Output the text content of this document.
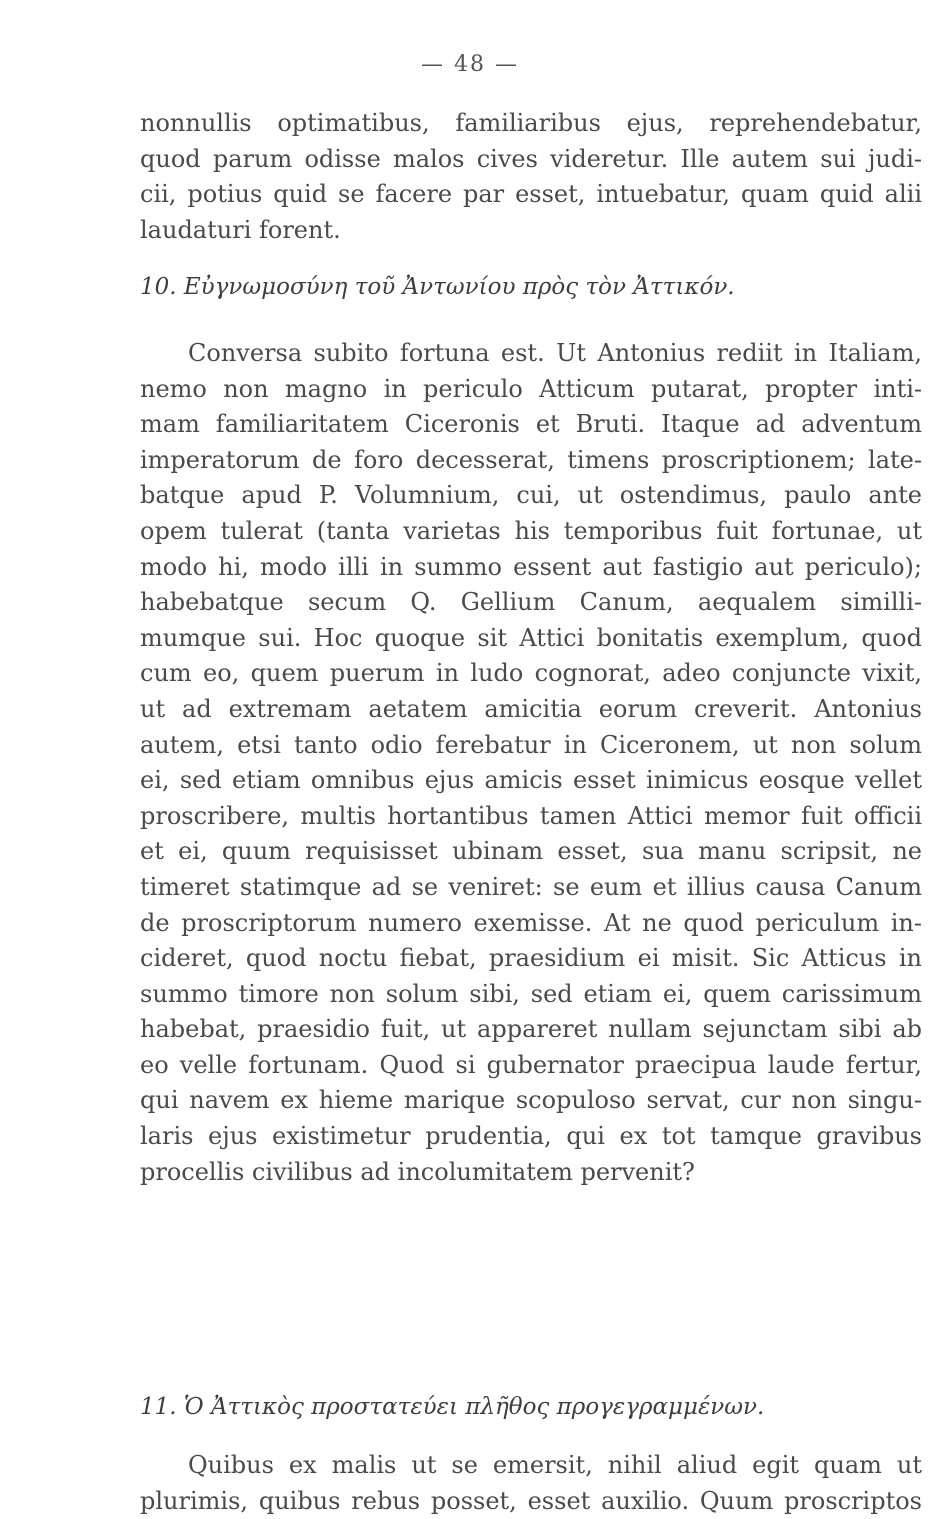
— 48 —
nonnullis optimatibus, familiaribus ejus, reprehendebatur,
quod parum odisse malos cives videretur. Ille autem sui judi-
cii, potius quid se facere par esset, intuebatur, quam quid alii
laudaturi forent.
10. Εὐγνωμοσύνη τοῦ Ἀντωνίου πρὸς τὸν Ἀττικόν.
Conversa subito fortuna est. Ut Antonius rediit in Italiam,
nemo non magno in periculo Atticum putarat, propter inti-
mam familiaritatem Ciceronis et Bruti. Itaque ad adventum
imperatorum de foro decesserat, timens proscriptionem; late-
batque apud P. Volumnium, cui, ut ostendimus, paulo ante
opem tulerat (tanta varietas his temporibus fuit fortunae, ut
modo hi, modo illi in summo essent aut fastigio aut periculo);
habebatque secum Q. Gellium Canum, aequalem similli-
mumque sui. Hoc quoque sit Attici bonitatis exemplum, quod
cum eo, quem puerum in ludo cognorat, adeo conjuncte vixit,
ut ad extremam aetatem amicitia eorum creverit. Antonius
autem, etsi tanto odio ferebatur in Ciceronem, ut non solum
ei, sed etiam omnibus ejus amicis esset inimicus eosque vellet
proscribere, multis hortantibus tamen Attici memor fuit officii
et ei, quum requisisset ubinam esset, sua manu scripsit, ne
timeret statimque ad se veniret: se eum et illius causa Canum
de proscriptorum numero exemisse. At ne quod periculum in-
cideret, quod noctu fiebat, praesidium ei misit. Sic Atticus in
summo timore non solum sibi, sed etiam ei, quem carissimum
habebat, praesidio fuit, ut appareret nullam sejunctam sibi ab
eo velle fortunam. Quod si gubernator praecipua laude fertur,
qui navem ex hieme marique scopuloso servat, cur non singu-
laris ejus existimetur prudentia, qui ex tot tamque gravibus
procellis civilibus ad incolumitatem pervenit?
11. Ὁ Ἀττικὸς προστατεύει πλῆθος προγεγραμμένων.
Quibus ex malis ut se emersit, nihil aliud egit quam ut
plurimis, quibus rebus posset, esset auxilio. Quum proscriptos
